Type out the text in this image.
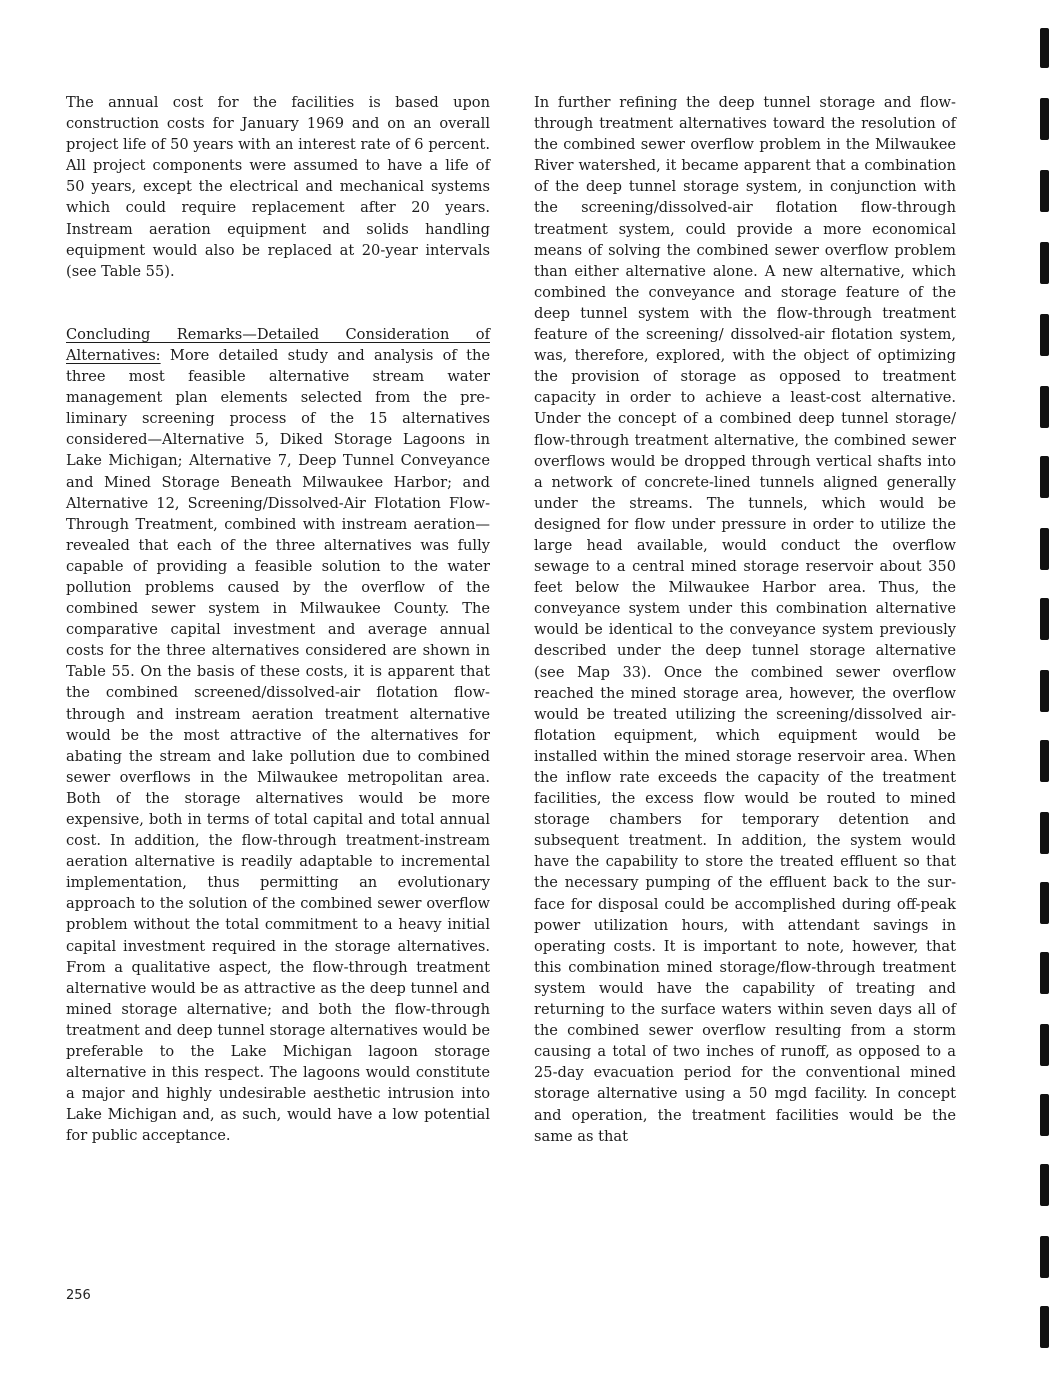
The annual cost for the facilities is based upon construction costs for January 1969 and on an overall project life of 50 years with an interest rate of 6 percent. All project components were assumed to have a life of 50 years, except the electrical and mechanical systems which could require replacement after 20 years. Instream aeration equipment and solids handling equipment would also be replaced at 20-year intervals (see Table 55).

Concluding Remarks—Detailed Consideration of Alternatives: More detailed study and analysis of the three most feasible alternative stream water management plan elements selected from the preliminary screening process of the 15 alternatives considered—Alternative 5, Diked Storage Lagoons in Lake Michigan; Alternative 7, Deep Tunnel Conveyance and Mined Storage Beneath Milwaukee Harbor; and Alternative 12, Screening/Dissolved-Air Flotation Flow-Through Treatment, combined with instream aeration—revealed that each of the three alternatives was fully capable of providing a feasible solution to the water pollution problems caused by the overflow of the combined sewer system in Milwaukee County. The comparative capital investment and average annual costs for the three alternatives considered are shown in Table 55. On the basis of these costs, it is apparent that the combined screened/dissolved-air flotation flow-through and instream aeration treatment alternative would be the most attractive of the alternatives for abating the stream and lake pollution due to combined sewer overflows in the Milwaukee metropolitan area. Both of the storage alternatives would be more expensive, both in terms of total capital and total annual cost. In addition, the flow-through treatment-instream aeration alternative is readily adaptable to incremental implementation, thus permitting an evolutionary approach to the solution of the combined sewer overflow problem without the total commitment to a heavy initial capital investment required in the storage alternatives. From a qualitative aspect, the flow-through treatment alternative would be as attractive as the deep tunnel and mined storage alternative; and both the flow-through treatment and deep tunnel storage alternatives would be preferable to the Lake Michigan lagoon storage alternative in this respect. The lagoons would constitute a major and highly undesirable aesthetic intrusion into Lake Michigan and, as such, would have a low potential for public acceptance.

In further refining the deep tunnel storage and flow-through treatment alternatives toward the resolution of the combined sewer overflow problem in the Milwaukee River watershed, it became apparent that a combination of the deep tunnel storage system, in conjunction with the screening/dissolved-air flotation flow-through treatment system, could provide a more economical means of solving the combined sewer overflow problem than either alternative alone. A new alternative, which combined the conveyance and storage feature of the deep tunnel system with the flow-through treatment feature of the screening/ dissolved-air flotation system, was, therefore, explored, with the object of optimizing the provision of storage as opposed to treatment capacity in order to achieve a least-cost alternative. Under the concept of a combined deep tunnel storage/ flow-through treatment alternative, the combined sewer overflows would be dropped through vertical shafts into a network of concrete-lined tunnels aligned generally under the streams. The tunnels, which would be designed for flow under pressure in order to utilize the large head available, would conduct the overflow sewage to a central mined storage reservoir about 350 feet below the Milwaukee Harbor area. Thus, the conveyance system under this combination alternative would be identical to the conveyance system previously described under the deep tunnel storage alternative (see Map 33). Once the combined sewer overflow reached the mined storage area, however, the overflow would be treated utilizing the screening/dissolved air-flotation equipment, which equipment would be installed within the mined storage reservoir area. When the inflow rate exceeds the capacity of the treatment facilities, the excess flow would be routed to mined storage chambers for temporary detention and subsequent treatment. In addition, the system would have the capability to store the treated effluent so that the necessary pumping of the effluent back to the surface for disposal could be accomplished during off-peak power utilization hours, with attendant savings in operating costs. It is important to note, however, that this combination mined storage/flow-through treatment system would have the capability of treating and returning to the surface waters within seven days all of the combined sewer overflow resulting from a storm causing a total of two inches of runoff, as opposed to a 25-day evacuation period for the conventional mined storage alternative using a 50 mgd facility. In concept and operation, the treatment facilities would be the same as that

256
